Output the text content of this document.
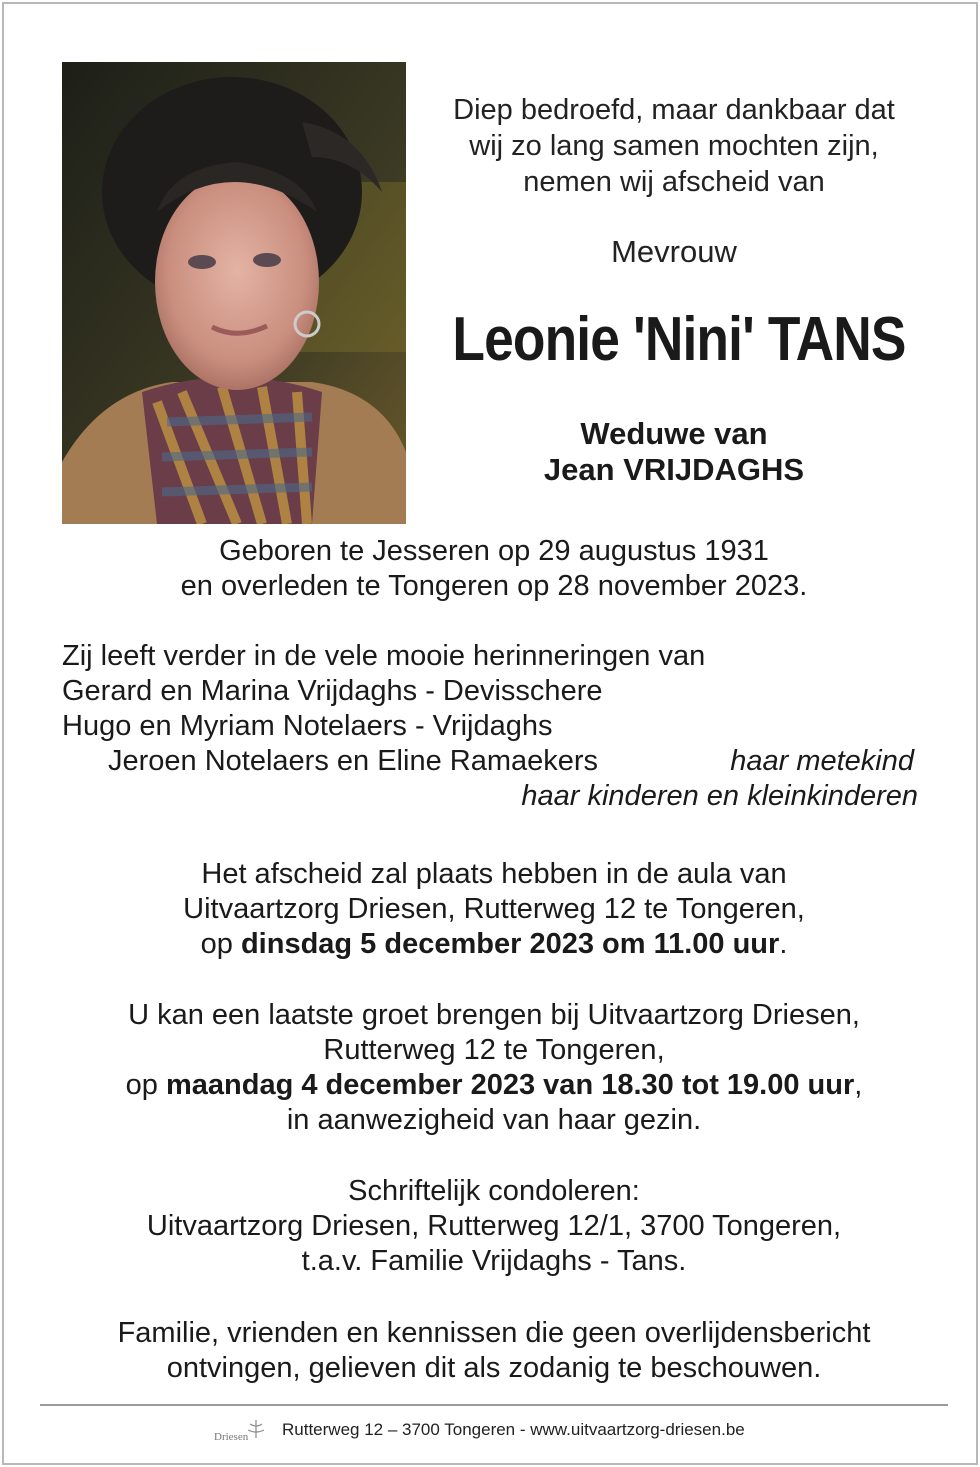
Diep bedroefd, maar dankbaar dat
wij zo lang samen mochten zijn,
nemen wij afscheid van
Mevrouw
Leonie 'Nini' TANS
Weduwe van
Jean VRIJDAGHS
Geboren te Jesseren op 29 augustus 1931
en overleden te Tongeren op 28 november 2023.
Zij leeft verder in de vele mooie herinneringen van
Gerard en Marina Vrijdaghs - Devisschere
Hugo en Myriam Notelaers - Vrijdaghs
Jeroen Notelaers en Eline Ramaekers	haar metekind
haar kinderen en kleinkinderen
Het afscheid zal plaats hebben in de aula van
Uitvaartzorg Driesen, Rutterweg 12 te Tongeren,
op dinsdag 5 december 2023 om 11.00 uur.
U kan een laatste groet brengen bij Uitvaartzorg Driesen,
Rutterweg 12 te Tongeren,
op maandag 4 december 2023 van 18.30 tot 19.00 uur,
in aanwezigheid van haar gezin.
Schriftelijk condoleren:
Uitvaartzorg Driesen, Rutterweg 12/1, 3700 Tongeren,
t.a.v. Familie Vrijdaghs - Tans.
Familie, vrienden en kennissen die geen overlijdensbericht
ontvingen, gelieven dit als zodanig te beschouwen.
Driesen Rutterweg 12 – 3700 Tongeren - www.uitvaartzorg-driesen.be
